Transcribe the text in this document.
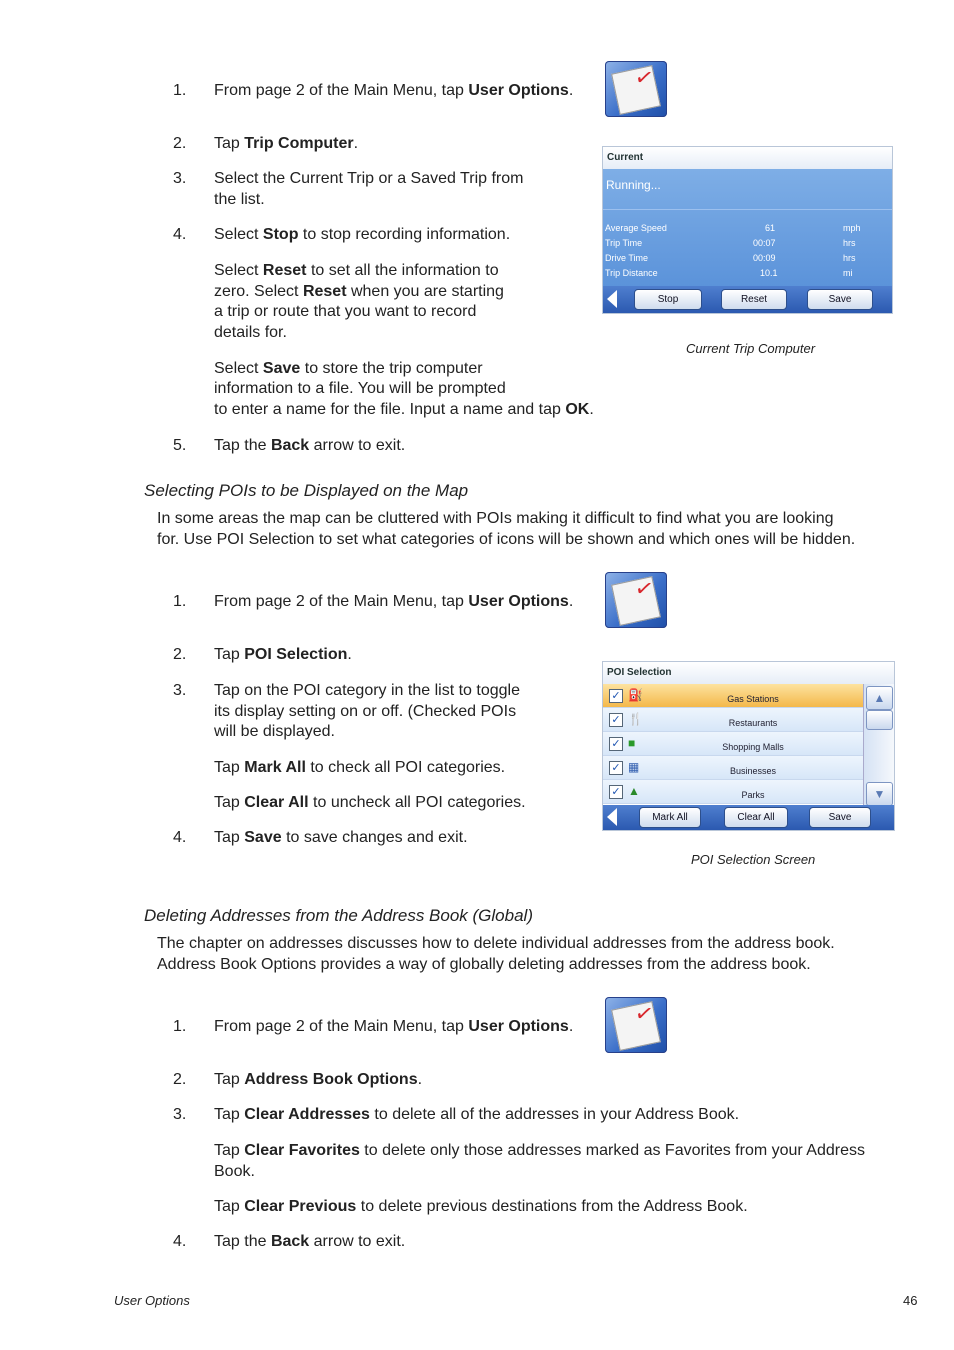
1.	From page 2 of the Main Menu, tap User Options.	✓
2.	Tap Trip Computer.
3.	Select the Current Trip or a Saved Trip from
the list.
4.	Select Stop to stop recording information.
Select Reset to set all the information to
zero. Select Reset when you are starting
a trip or route that you want to record
details for.
Select Save to store the trip computer
information to a file. You will be prompted
to enter a name for the file. Input a name and tap OK.
5.	Tap the Back arrow to exit.
Current
Running...
Average Speed	61	mph
Trip Time	00:07	hrs
Drive Time	00:09	hrs
Trip Distance	10.1	mi
Stop	Reset	Save
Current Trip Computer
Selecting POIs to be Displayed on the Map
In some areas the map can be cluttered with POIs making it difficult to find what you are looking
for. Use POI Selection to set what categories of icons will be shown and which ones will be hidden.
1.	From page 2 of the Main Menu, tap User Options.	✓
2.	Tap POI Selection.
3.	Tap on the POI category in the list to toggle
its display setting on or off. (Checked POIs
will be displayed.
Tap Mark All to check all POI categories.
Tap Clear All to uncheck all POI categories.
4.	Tap Save to save changes and exit.
POI Selection
✓ ⛽	Gas Stations
✓ 🍴	Restaurants
✓ ■	Shopping Malls
✓ ▦	Businesses
✓ ▲	Parks
▲
▼
Mark All	Clear All	Save
POI Selection Screen
Deleting Addresses from the Address Book (Global)
The chapter on addresses discusses how to delete individual addresses from the address book.
Address Book Options provides a way of globally deleting addresses from the address book.
1.	From page 2 of the Main Menu, tap User Options.	✓
2.	Tap Address Book Options.
3.	Tap Clear Addresses to delete all of the addresses in your Address Book.
Tap Clear Favorites to delete only those addresses marked as Favorites from your Address
Book.
Tap Clear Previous to delete previous destinations from the Address Book.
4.	Tap the Back arrow to exit.
User Options	46
